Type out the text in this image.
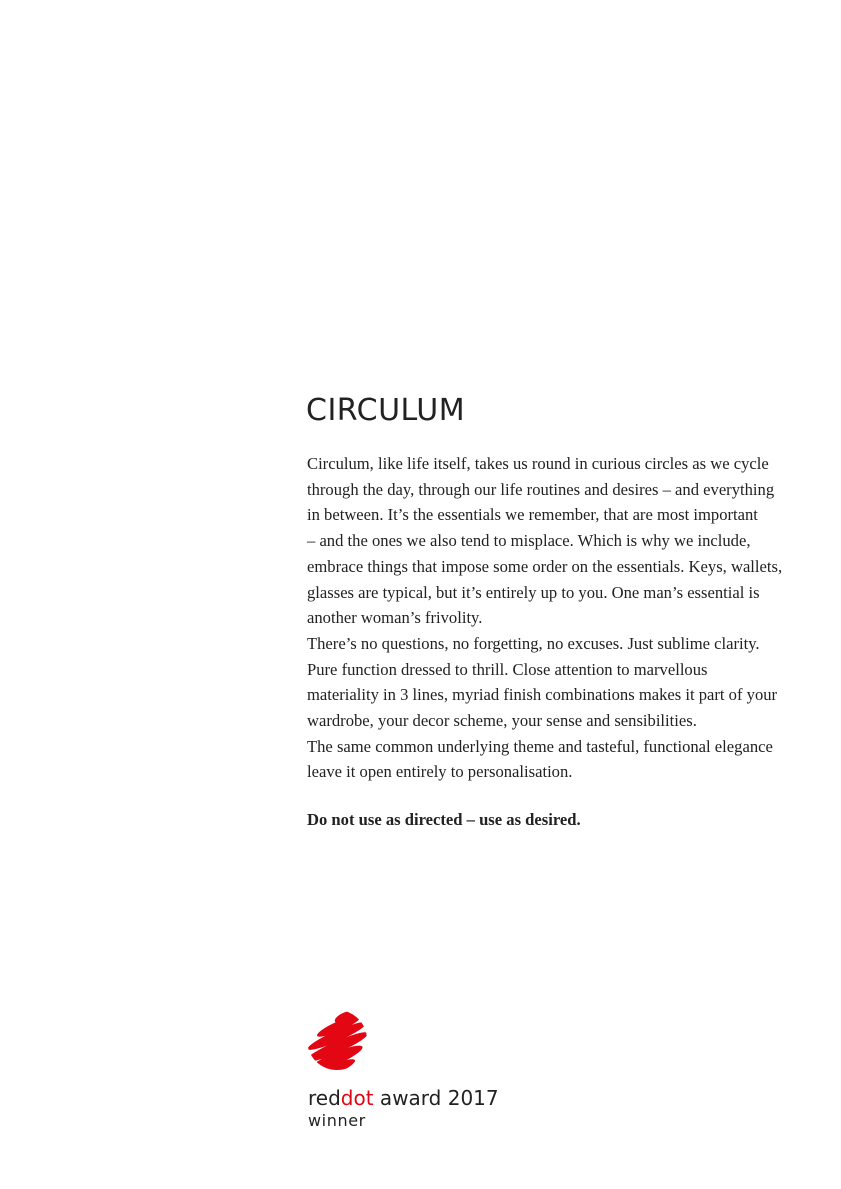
CIRCULUM
Circulum, like life itself, takes us round in curious circles as we cycle
through the day, through our life routines and desires – and everything
in between. It’s the essentials we remember, that are most important
– and the ones we also tend to misplace. Which is why we include,
embrace things that impose some order on the essentials. Keys, wallets,
glasses are typical, but it’s entirely up to you. One man’s essential is
another woman’s frivolity.
There’s no questions, no forgetting, no excuses. Just sublime clarity.
Pure function dressed to thrill. Close attention to marvellous
materiality in 3 lines, myriad finish combinations makes it part of your
wardrobe, your decor scheme, your sense and sensibilities.
The same common underlying theme and tasteful, functional elegance
leave it open entirely to personalisation.
Do not use as directed – use as desired.
reddot award 2017
winner
